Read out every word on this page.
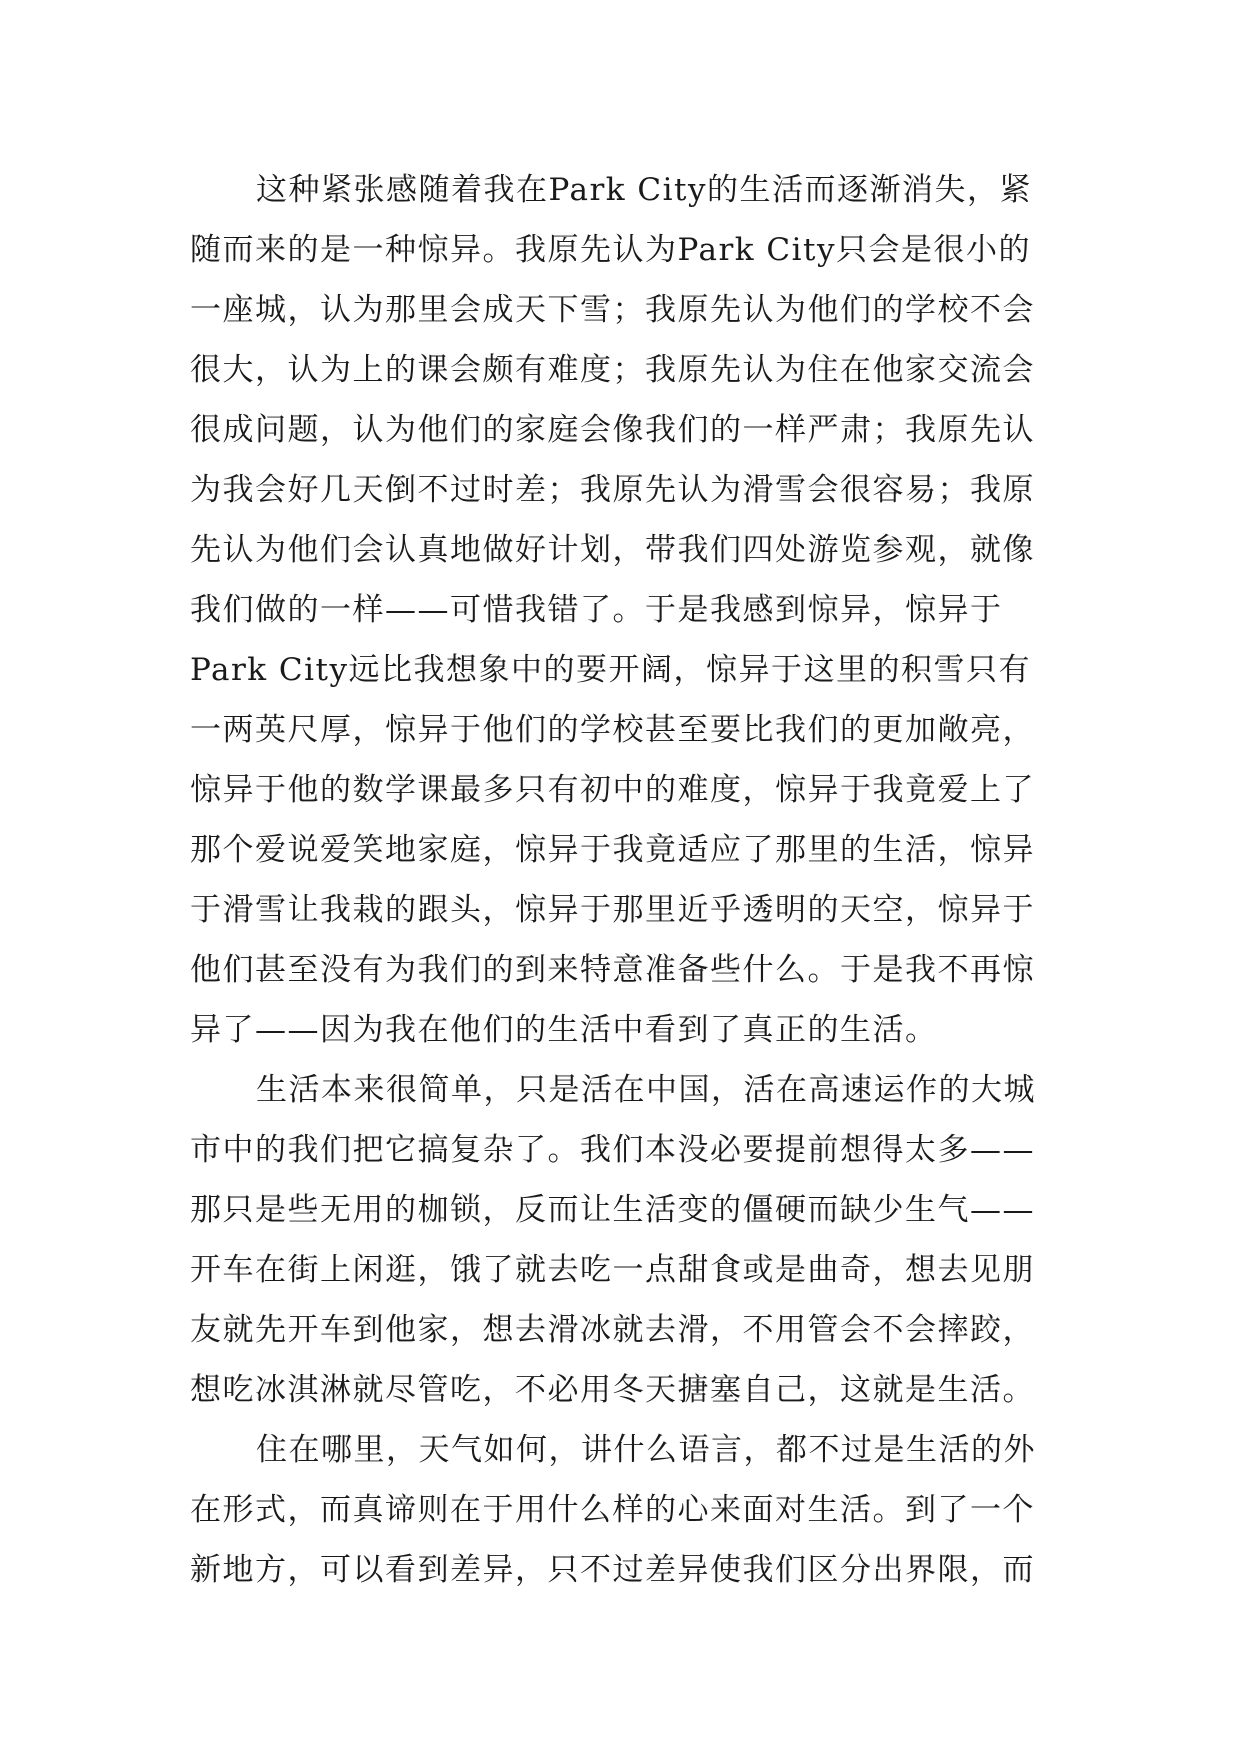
这种紧张感随着我在Park City的生活而逐渐消失，紧
随而来的是一种惊异。我原先认为Park City只会是很小的
一座城，认为那里会成天下雪；我原先认为他们的学校不会
很大，认为上的课会颇有难度；我原先认为住在他家交流会
很成问题，认为他们的家庭会像我们的一样严肃；我原先认
为我会好几天倒不过时差；我原先认为滑雪会很容易；我原
先认为他们会认真地做好计划，带我们四处游览参观，就像
我们做的一样——可惜我错了。于是我感到惊异，惊异于
Park City远比我想象中的要开阔，惊异于这里的积雪只有
一两英尺厚，惊异于他们的学校甚至要比我们的更加敞亮，
惊异于他的数学课最多只有初中的难度，惊异于我竟爱上了
那个爱说爱笑地家庭，惊异于我竟适应了那里的生活，惊异
于滑雪让我栽的跟头，惊异于那里近乎透明的天空，惊异于
他们甚至没有为我们的到来特意准备些什么。于是我不再惊
异了——因为我在他们的生活中看到了真正的生活。
生活本来很简单，只是活在中国，活在高速运作的大城
市中的我们把它搞复杂了。我们本没必要提前想得太多——
那只是些无用的枷锁，反而让生活变的僵硬而缺少生气——
开车在街上闲逛，饿了就去吃一点甜食或是曲奇，想去见朋
友就先开车到他家，想去滑冰就去滑，不用管会不会摔跤，
想吃冰淇淋就尽管吃，不必用冬天搪塞自己，这就是生活。
住在哪里，天气如何，讲什么语言，都不过是生活的外
在形式，而真谛则在于用什么样的心来面对生活。到了一个
新地方，可以看到差异，只不过差异使我们区分出界限，而
